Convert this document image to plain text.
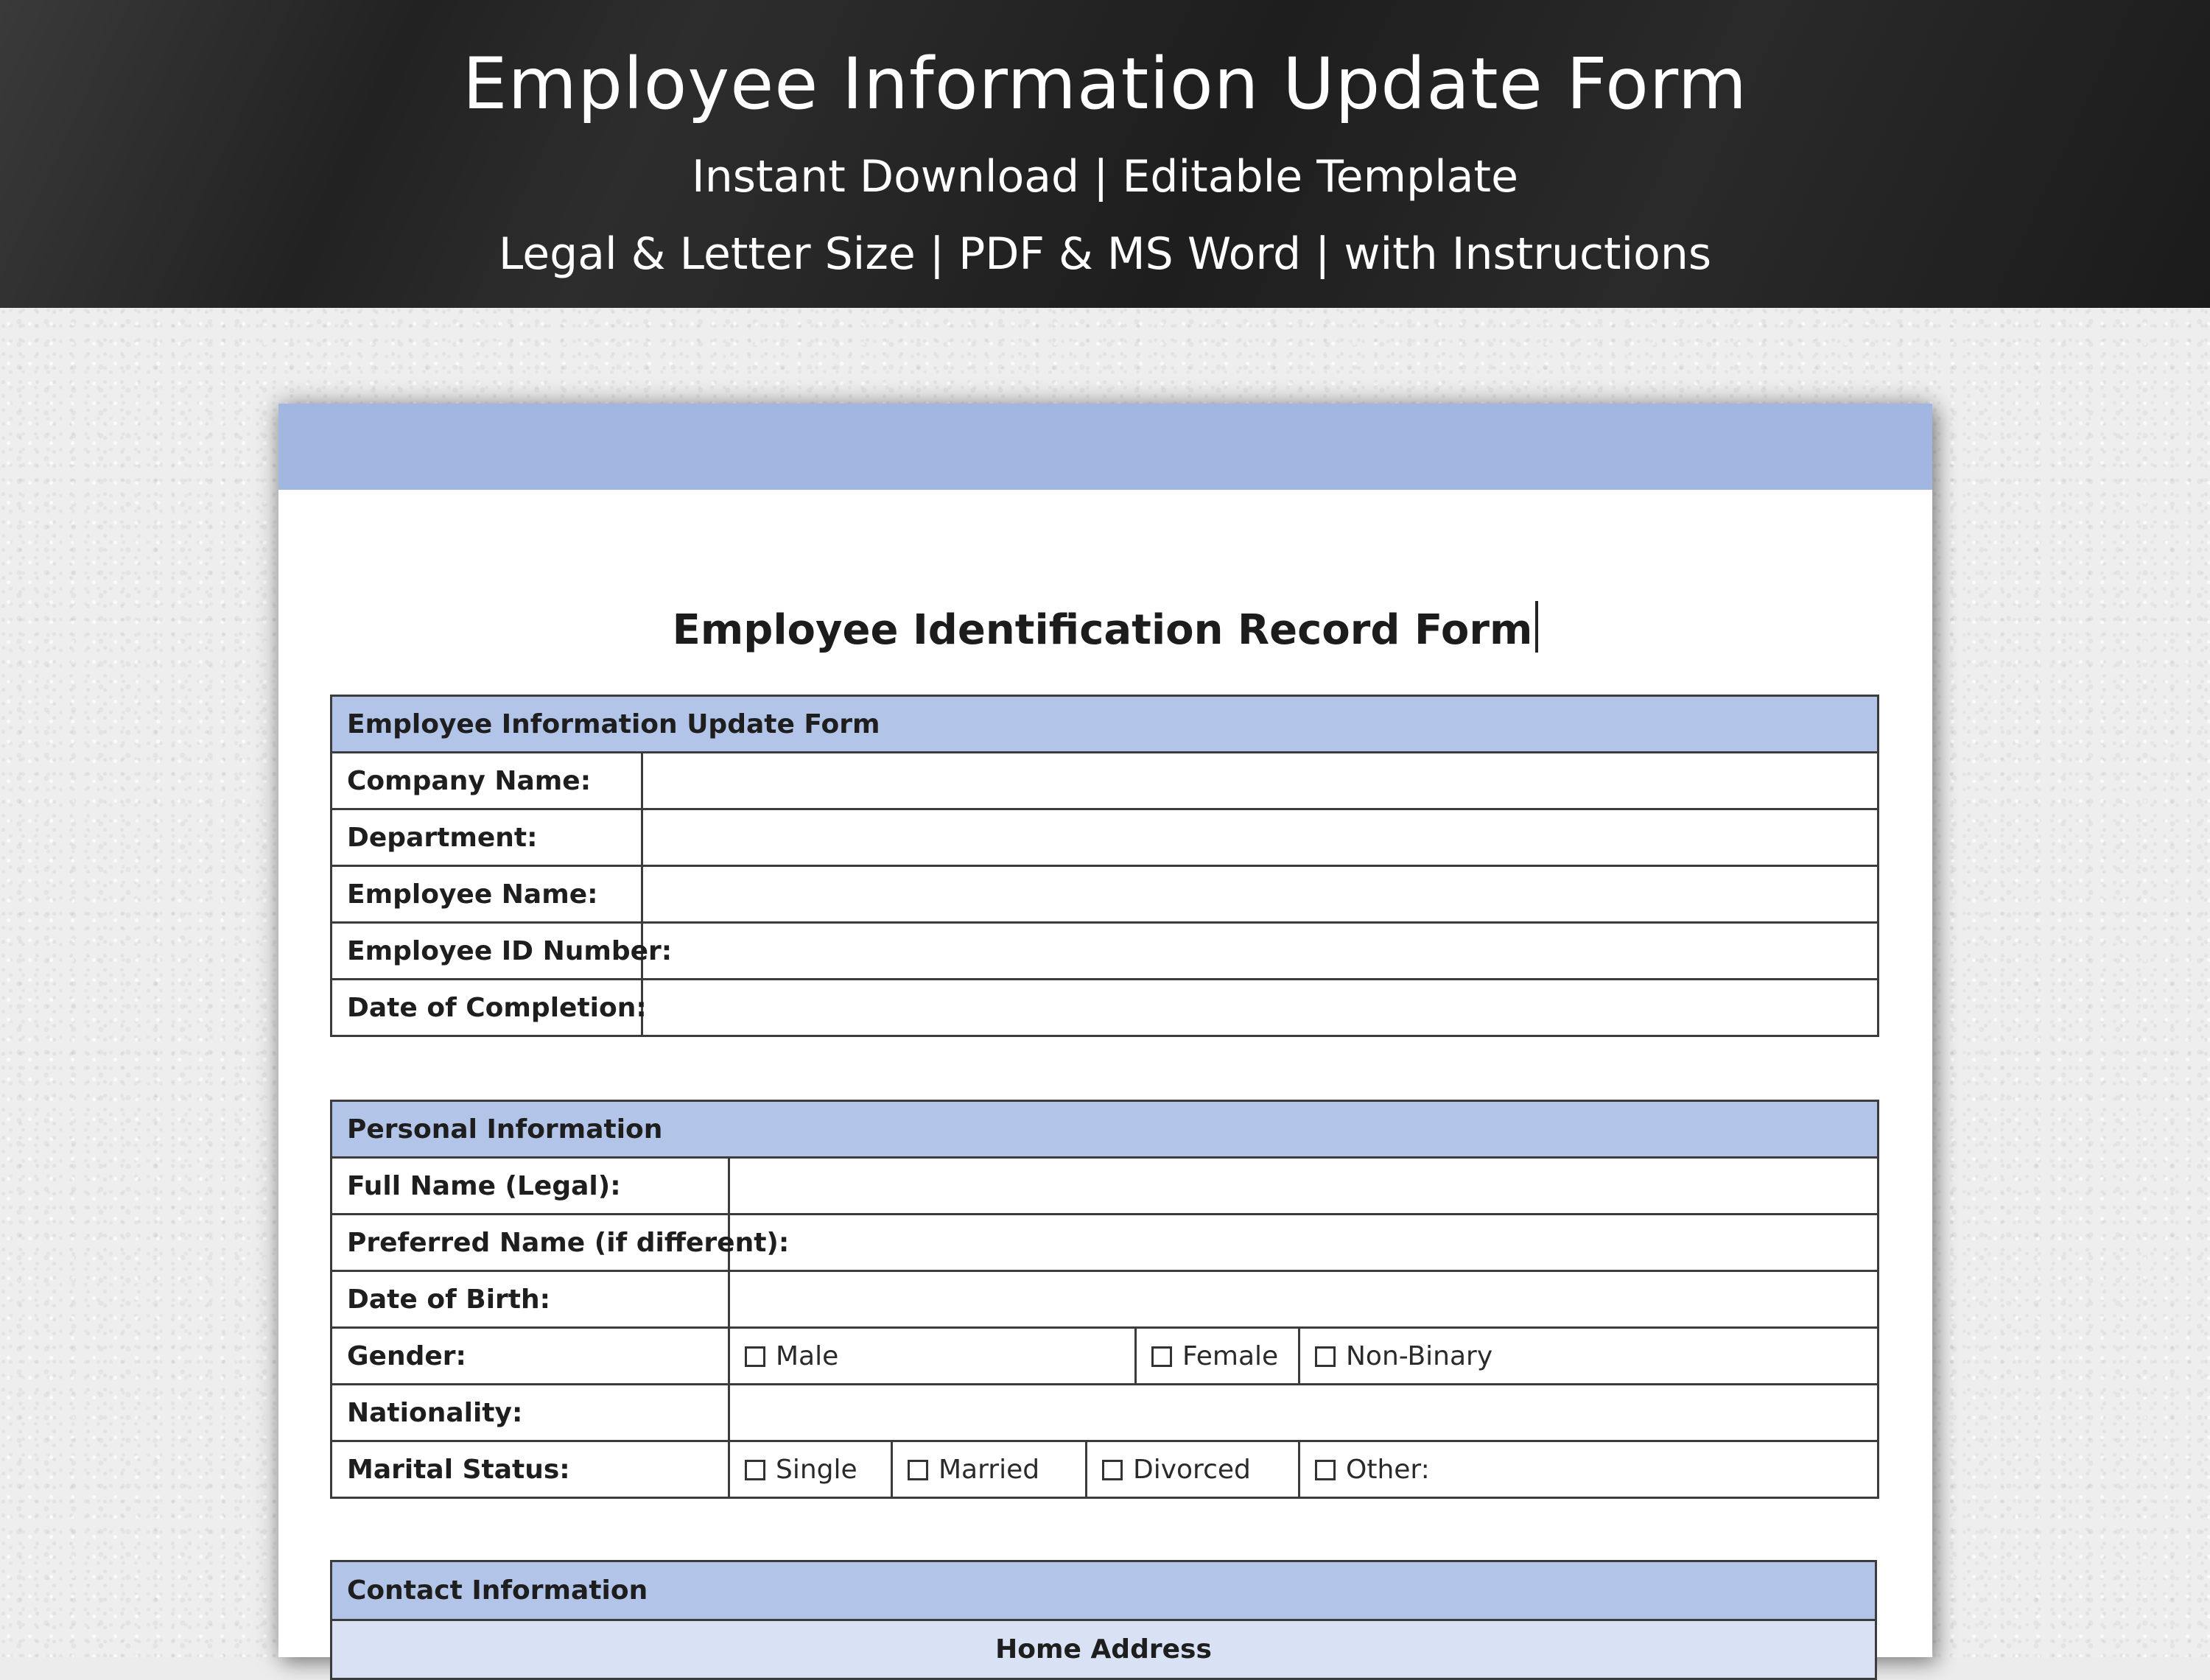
Employee Information Update Form
Instant Download | Editable Template
Legal & Letter Size | PDF & MS Word | with Instructions
Employee Identification Record Form
Employee Information Update Form	
Company Name:	
Department:	
Employee Name:	
Employee ID Number:	
Date of Completion:	
Personal Information					
Full Name (Legal):					
Preferred Name (if different):					
Date of Birth:					
Gender:	Male			Female	Non-Binary
Nationality:					
Marital Status:	Single	Married	Divorced		Other:
Contact Information
Home Address
